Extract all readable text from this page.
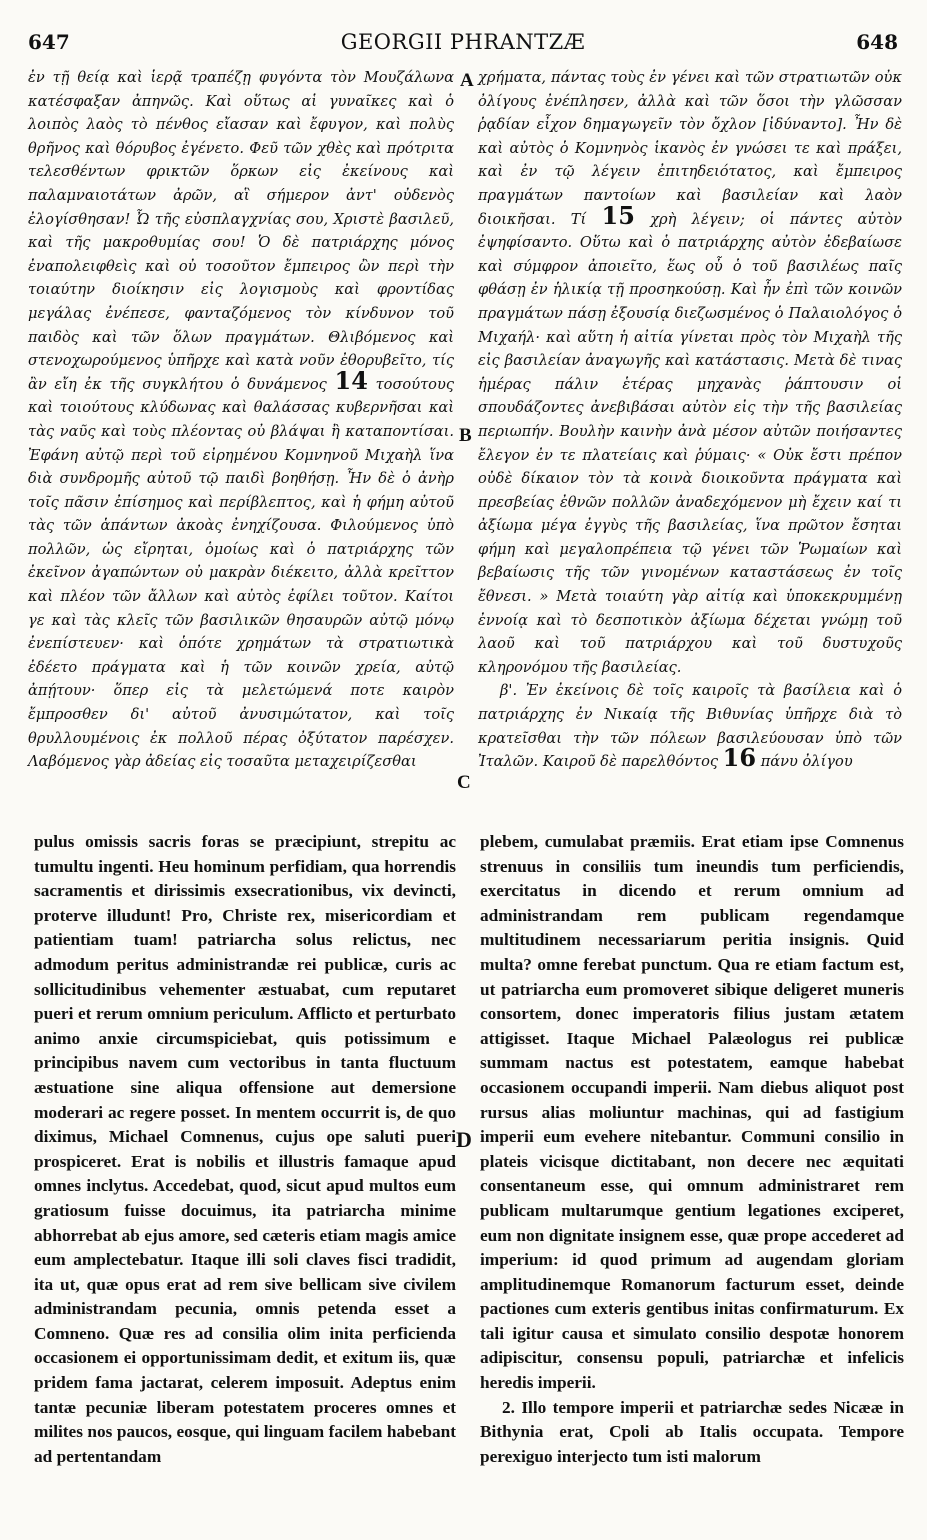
647	GEORGII PHRANTZÆ	648

ἐν τῇ θείᾳ καὶ ἱερᾷ τραπέζῃ φυγόντα τὸν Μουζάλωνα κατέσφαξαν ἀπηνῶς. Καὶ οὕτως αἱ γυναῖκες καὶ ὁ λοιπὸς λαὸς τὸ πένθος εἴασαν καὶ ἔφυγον, καὶ πολὺς θρῆνος καὶ θόρυβος ἐγένετο. Φεῦ τῶν χθὲς καὶ πρότριτα τελεσθέντων φρικτῶν ὅρκων εἰς ἐκείνους καὶ παλαμναιοτάτων ἀρῶν, αἳ σήμερον ἀντ' οὐδενὸς ἐλογίσθησαν! Ὦ τῆς εὐσπλαγχνίας σου, Χριστὲ βασιλεῦ, καὶ τῆς μακροθυμίας σου! Ὁ δὲ πατριάρχης μόνος ἐναπολειφθεὶς καὶ οὐ τοσοῦτον ἔμπειρος ὢν περὶ τὴν τοιαύτην διοίκησιν εἰς λογισμοὺς καὶ φροντίδας μεγάλας ἐνέπεσε, φανταζόμενος τὸν κίνδυνον τοῦ παιδὸς καὶ τῶν ὅλων πραγμάτων. Θλιβόμενος καὶ στενοχωρούμενος ὑπῆρχε καὶ κατὰ νοῦν ἐθορυβεῖτο, τίς ἂν εἴη ἐκ τῆς συγκλήτου ὁ δυνάμενος 14 τοσούτους καὶ τοιούτους κλύδωνας καὶ θαλάσσας κυβερνῆσαι καὶ τὰς ναῦς καὶ τοὺς πλέοντας οὐ βλάψαι ἢ καταποντίσαι. Ἐφάνη αὐτῷ περὶ τοῦ εἰρημένου Κομνηνοῦ Μιχαὴλ ἵνα διὰ συνδρομῆς αὐτοῦ τῷ παιδὶ βοηθήσῃ. Ἦν δὲ ὁ ἀνὴρ τοῖς πᾶσιν ἐπίσημος καὶ περίβλεπτος, καὶ ἡ φήμη αὐτοῦ τὰς τῶν ἁπάντων ἀκοὰς ἐνηχίζουσα. Φιλούμενος ὑπὸ πολλῶν, ὡς εἴρηται, ὁμοίως καὶ ὁ πατριάρχης τῶν ἐκεῖνον ἀγαπώντων οὐ μακρὰν διέκειτο, ἀλλὰ κρεῖττον καὶ πλέον τῶν ἄλλων καὶ αὐτὸς ἐφίλει τοῦτον. Καίτοι γε καὶ τὰς κλεῖς τῶν βασιλικῶν θησαυρῶν αὐτῷ μόνῳ ἐνεπίστευεν· καὶ ὁπότε χρημάτων τὰ στρατιωτικὰ ἐδέετο πράγματα καὶ ἡ τῶν κοινῶν χρεία, αὐτῷ ἀπῄτουν· ὅπερ εἰς τὰ μελετώμενά ποτε καιρὸν ἔμπροσθεν δι' αὐτοῦ ἀνυσιμώτατον, καὶ τοῖς θρυλλουμένοις ἐκ πολλοῦ πέρας ὀξύτατον παρέσχεν. Λαβόμενος γὰρ ἀδείας εἰς τοσαῦτα μεταχειρίζεσθαι

A
B
C
D

χρήματα, πάντας τοὺς ἐν γένει καὶ τῶν στρατιωτῶν οὐκ ὀλίγους ἐνέπλησεν, ἀλλὰ καὶ τῶν ὅσοι τὴν γλῶσσαν ῥᾳδίαν εἶχον δημαγωγεῖν τὸν ὄχλον [ἰδύναντο]. Ἦν δὲ καὶ αὐτὸς ὁ Κομνηνὸς ἱκανὸς ἐν γνώσει τε καὶ πράξει, καὶ ἐν τῷ λέγειν ἐπιτηδειότατος, καὶ ἔμπειρος πραγμάτων παντοίων καὶ βασιλείαν καὶ λαὸν διοικῆσαι. Τί 15 χρὴ λέγειν; οἱ πάντες αὐτὸν ἐψηφίσαντο. Οὕτω καὶ ὁ πατριάρχης αὐτὸν ἐδεβαίωσε καὶ σύμφρον ἀποιεῖτο, ἕως οὗ ὁ τοῦ βασιλέως παῖς φθάσῃ ἐν ἡλικίᾳ τῇ προσηκούσῃ. Καὶ ἦν ἐπὶ τῶν κοινῶν πραγμάτων πάσῃ ἐξουσίᾳ διεζωσμένος ὁ Παλαιολόγος ὁ Μιχαήλ· καὶ αὕτη ἡ αἰτία γίνεται πρὸς τὸν Μιχαὴλ τῆς εἰς βασιλείαν ἀναγωγῆς καὶ κατάστασις. Μετὰ δὲ τινας ἡμέρας πάλιν ἑτέρας μηχανὰς ῥάπτουσιν οἱ σπουδάζοντες ἀνεβιβάσαι αὐτὸν εἰς τὴν τῆς βασιλείας περιωπήν. Βουλὴν καινὴν ἀνὰ μέσον αὐτῶν ποιήσαντες ἔλεγον ἐν τε πλατείαις καὶ ῥύμαις· « Οὐκ ἔστι πρέπον οὐδὲ δίκαιον τὸν τὰ κοινὰ διοικοῦντα πράγματα καὶ πρεσβείας ἐθνῶν πολλῶν ἀναδεχόμενον μὴ ἔχειν καί τι ἀξίωμα μέγα ἐγγὺς τῆς βασιλείας, ἵνα πρῶτον ἔσηται φήμη καὶ μεγαλοπρέπεια τῷ γένει τῶν Ῥωμαίων καὶ βεβαίωσις τῆς τῶν γινομένων καταστάσεως ἐν τοῖς ἔθνεσι. » Μετὰ τοιαύτη γὰρ αἰτίᾳ καὶ ὑποκεκρυμμένῃ ἐννοίᾳ καὶ τὸ δεσποτικὸν ἀξίωμα δέχεται γνώμῃ τοῦ λαοῦ καὶ τοῦ πατριάρχου καὶ τοῦ δυστυχοῦς κληρονόμου τῆς βασιλείας.

β'. Ἐν ἐκείνοις δὲ τοῖς καιροῖς τὰ βασίλεια καὶ ὁ πατριάρχης ἐν Νικαίᾳ τῆς Βιθυνίας ὑπῆρχε διὰ τὸ κρατεῖσθαι τὴν τῶν πόλεων βασιλεύουσαν ὑπὸ τῶν Ἰταλῶν. Καιροῦ δὲ παρελθόντος 16 πάνυ ὀλίγου

pulus omissis sacris foras se præcipiunt, strepitu ac tumultu ingenti. Heu hominum perfidiam, qua horrendis sacramentis et dirissimis exsecrationibus, vix devincti, proterve illudunt! Pro, Christe rex, misericordiam et patientiam tuam! patriarcha solus relictus, nec admodum peritus administrandæ rei publicæ, curis ac sollicitudinibus vehementer æstuabat, cum reputaret pueri et rerum omnium periculum. Afflicto et perturbato animo anxie circumspiciebat, quis potissimum e principibus navem cum vectoribus in tanta fluctuum æstuatione sine aliqua offensione aut demersione moderari ac regere posset. In mentem occurrit is, de quo diximus, Michael Comnenus, cujus ope saluti pueri prospiceret. Erat is nobilis et illustris famaque apud omnes inclytus. Accedebat, quod, sicut apud multos eum gratiosum fuisse docuimus, ita patriarcha minime abhorrebat ab ejus amore, sed cæteris etiam magis amice eum amplectebatur. Itaque illi soli claves fisci tradidit, ita ut, quæ opus erat ad rem sive bellicam sive civilem administrandam pecunia, omnis petenda esset a Comneno. Quæ res ad consilia olim inita perficienda occasionem ei opportunissimam dedit, et exitum iis, quæ pridem fama jactarat, celerem imposuit. Adeptus enim tantæ pecuniæ liberam potestatem proceres omnes et milites nos paucos, eosque, qui linguam facilem habebant ad pertentandam

plebem, cumulabat præmiis. Erat etiam ipse Comnenus strenuus in consiliis tum ineundis tum perficiendis, exercitatus in dicendo et rerum omnium ad administrandam rem publicam regendamque multitudinem necessariarum peritia insignis. Quid multa? omne ferebat punctum. Qua re etiam factum est, ut patriarcha eum promoveret sibique deligeret muneris consortem, donec imperatoris filius justam ætatem attigisset. Itaque Michael Palæologus rei publicæ summam nactus est potestatem, eamque habebat occasionem occupandi imperii. Nam diebus aliquot post rursus alias moliuntur machinas, qui ad fastigium imperii eum evehere nitebantur. Communi consilio in plateis vicisque dictitabant, non decere nec æquitati consentaneum esse, qui omnum administraret rem publicam multarumque gentium legationes exciperet, eum non dignitate insignem esse, quæ prope accederet ad imperium: id quod primum ad augendam gloriam amplitudinemque Romanorum facturum esset, deinde pactiones cum exteris gentibus initas confirmaturum. Ex tali igitur causa et simulato consilio despotæ honorem adipiscitur, consensu populi, patriarchæ et infelicis heredis imperii.

2. Illo tempore imperii et patriarchæ sedes Nicææ in Bithynia erat, Cpoli ab Italis occupata. Tempore perexiguo interjecto tum isti malorum
